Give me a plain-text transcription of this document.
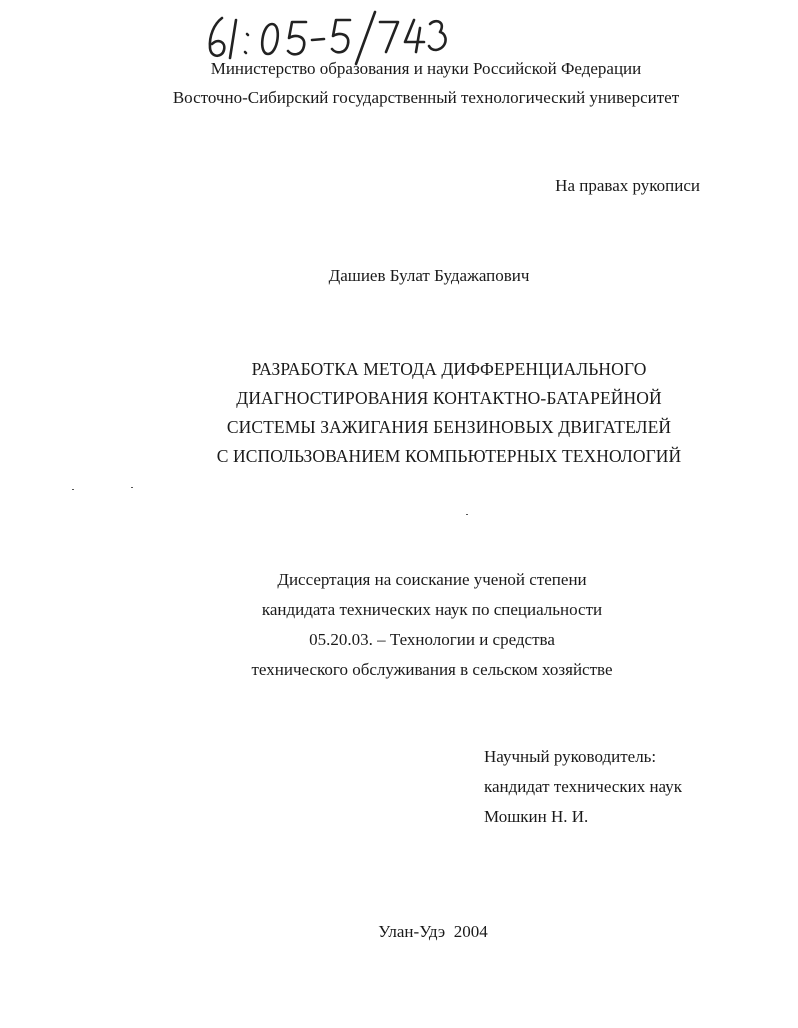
Министерство образования и науки Российской Федерации
Восточно-Сибирский государственный технологический университет
На правах рукописи
Дашиев Булат Будажапович
РАЗРАБОТКА МЕТОДА ДИФФЕРЕНЦИАЛЬНОГО
ДИАГНОСТИРОВАНИЯ КОНТАКТНО-БАТАРЕЙНОЙ
СИСТЕМЫ ЗАЖИГАНИЯ БЕНЗИНОВЫХ ДВИГАТЕЛЕЙ
С ИСПОЛЬЗОВАНИЕМ КОМПЬЮТЕРНЫХ ТЕХНОЛОГИЙ
Диссертация на соискание ученой степени
кандидата технических наук по специальности
05.20.03. – Технологии и средства
технического обслуживания в сельском хозяйстве
Научный руководитель:
кандидат технических наук
Мошкин Н. И.
Улан-Удэ  2004
